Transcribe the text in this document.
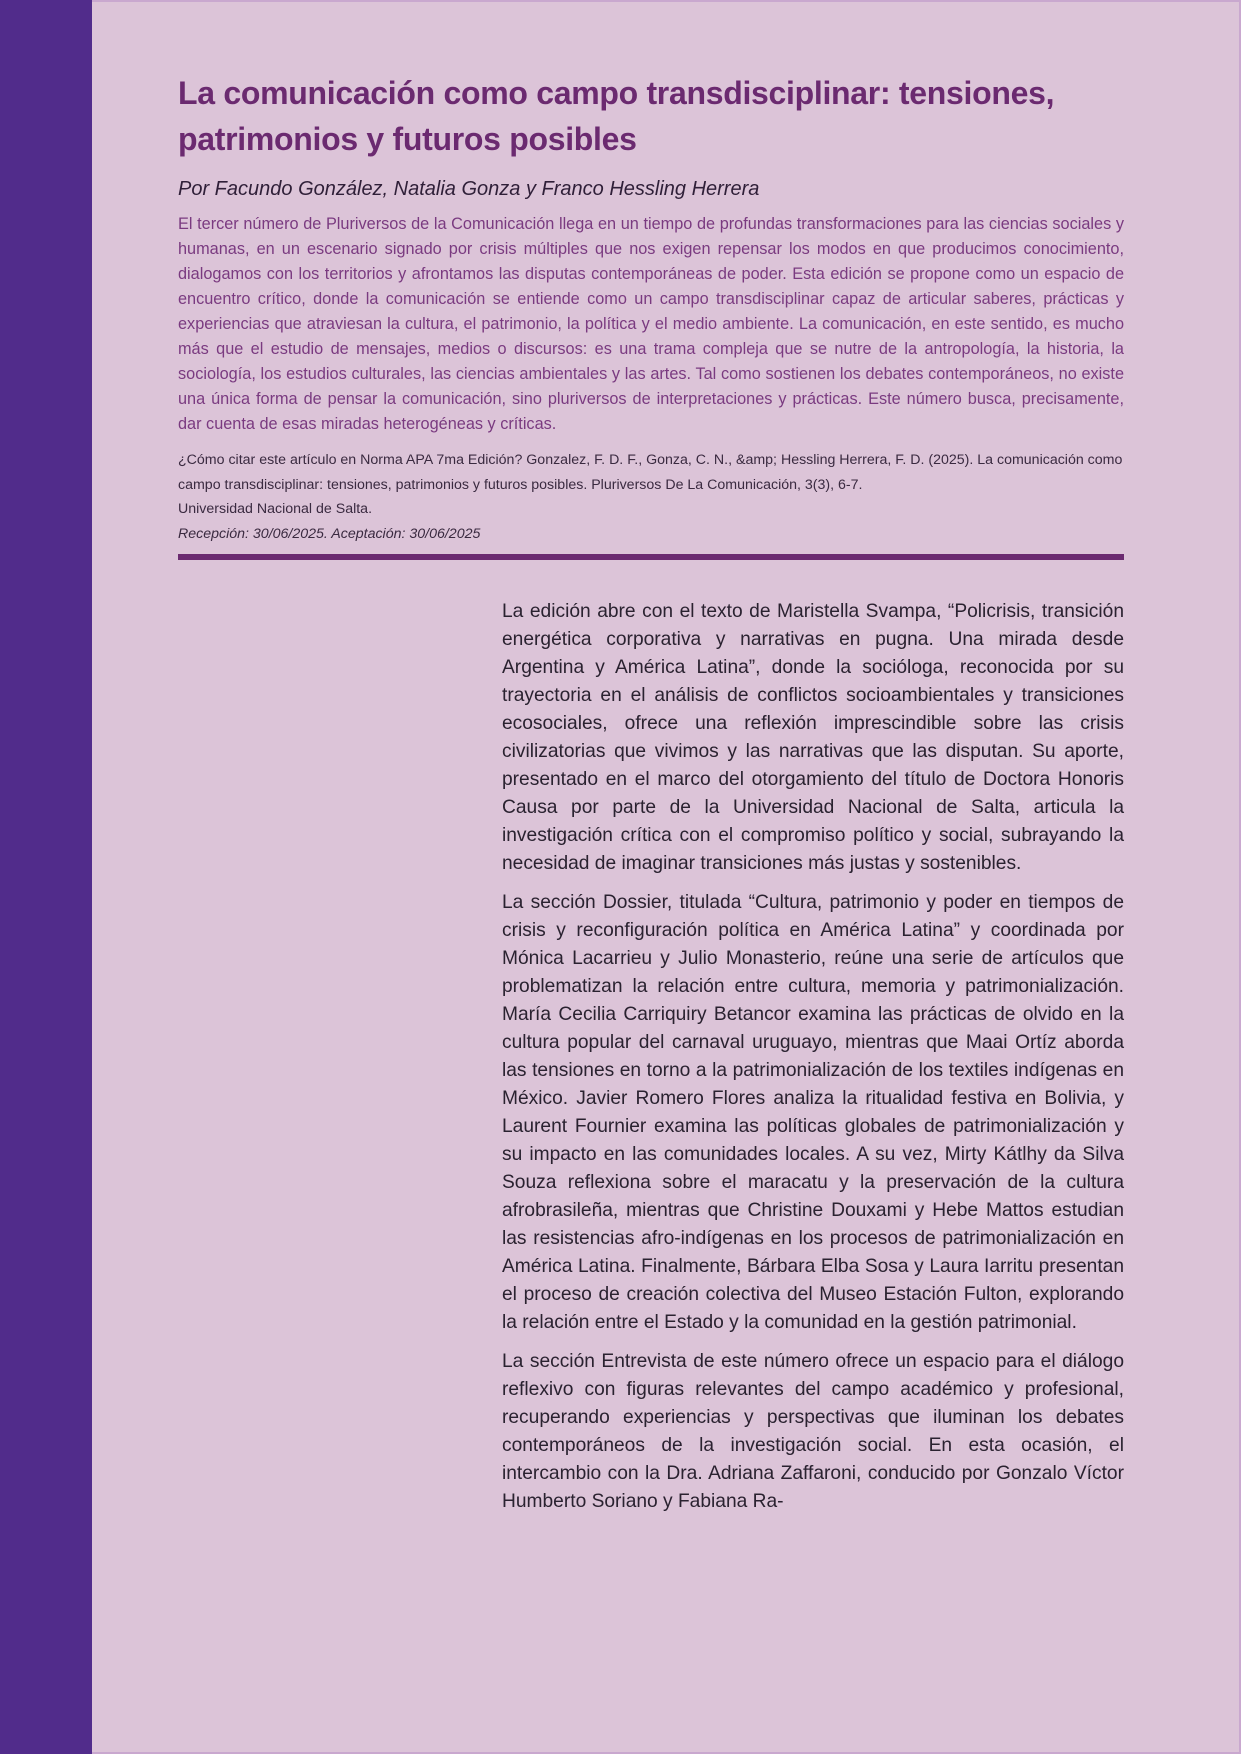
La comunicación como campo transdisciplinar: tensiones, patrimonios y futuros posibles

Por Facundo González, Natalia Gonza y Franco Hessling Herrera

El tercer número de Pluriversos de la Comunicación llega en un tiempo de profundas transformaciones para las ciencias sociales y humanas, en un escenario signado por crisis múltiples que nos exigen repensar los modos en que producimos conocimiento, dialogamos con los territorios y afrontamos las disputas contemporáneas de poder. Esta edición se propone como un espacio de encuentro crítico, donde la comunicación se entiende como un campo transdisciplinar capaz de articular saberes, prácticas y experiencias que atraviesan la cultura, el patrimonio, la política y el medio ambiente. La comunicación, en este sentido, es mucho más que el estudio de mensajes, medios o discursos: es una trama compleja que se nutre de la antropología, la historia, la sociología, los estudios culturales, las ciencias ambientales y las artes. Tal como sostienen los debates contemporáneos, no existe una única forma de pensar la comunicación, sino pluriversos de interpretaciones y prácticas. Este número busca, precisamente, dar cuenta de esas miradas heterogéneas y críticas.

¿Cómo citar este artículo en Norma APA 7ma Edición? Gonzalez, F. D. F., Gonza, C. N., &amp; Hessling Herrera, F. D. (2025). La comunicación como campo transdisciplinar: tensiones, patrimonios y futuros posibles. Pluriversos De La Comunicación, 3(3), 6-7.

Universidad Nacional de Salta.

Recepción: 30/06/2025. Aceptación: 30/06/2025

La edición abre con el texto de Maristella Svampa, “Policrisis, transición energética corporativa y narrativas en pugna. Una mirada desde Argentina y América Latina”, donde la socióloga, reconocida por su trayectoria en el análisis de conflictos socioambientales y transiciones ecosociales, ofrece una reflexión imprescindible sobre las crisis civilizatorias que vivimos y las narrativas que las disputan. Su aporte, presentado en el marco del otorgamiento del título de Doctora Honoris Causa por parte de la Universidad Nacional de Salta, articula la investigación crítica con el compromiso político y social, subrayando la necesidad de imaginar transiciones más justas y sostenibles.

La sección Dossier, titulada “Cultura, patrimonio y poder en tiempos de crisis y reconfiguración política en América Latina” y coordinada por Mónica Lacarrieu y Julio Monasterio, reúne una serie de artículos que problematizan la relación entre cultura, memoria y patrimonialización. María Cecilia Carriquiry Betancor examina las prácticas de olvido en la cultura popular del carnaval uruguayo, mientras que Maai Ortíz aborda las tensiones en torno a la patrimonialización de los textiles indígenas en México. Javier Romero Flores analiza la ritualidad festiva en Bolivia, y Laurent Fournier examina las políticas globales de patrimonialización y su impacto en las comunidades locales. A su vez, Mirty Kátlhy da Silva Souza reflexiona sobre el maracatu y la preservación de la cultura afrobrasileña, mientras que Christine Douxami y Hebe Mattos estudian las resistencias afro-indígenas en los procesos de patrimonialización en América Latina. Finalmente, Bárbara Elba Sosa y Laura Iarritu presentan el proceso de creación colectiva del Museo Estación Fulton, explorando la relación entre el Estado y la comunidad en la gestión patrimonial.

La sección Entrevista de este número ofrece un espacio para el diálogo reflexivo con figuras relevantes del campo académico y profesional, recuperando experiencias y perspectivas que iluminan los debates contemporáneos de la investigación social. En esta ocasión, el intercambio con la Dra. Adriana Zaffaroni, conducido por Gonzalo Víctor Humberto Soriano y Fabiana Ra-
